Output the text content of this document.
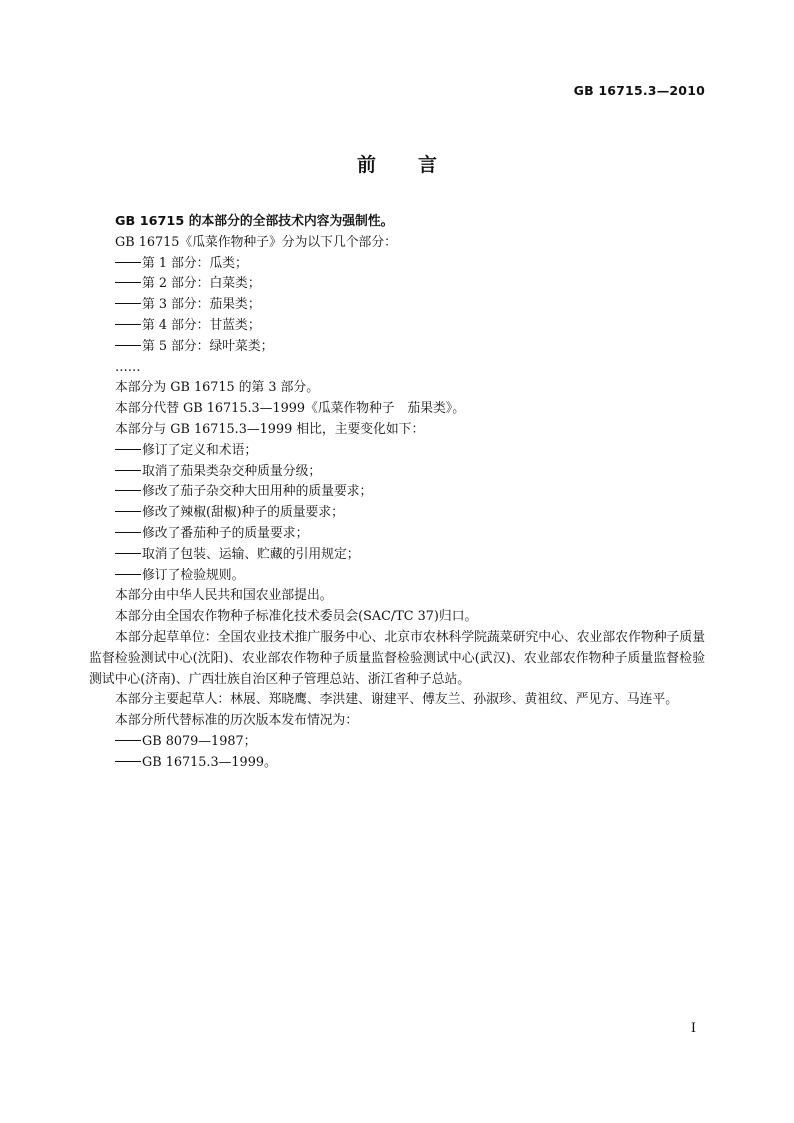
GB 16715.3—2010
前 言

GB 16715 的本部分的全部技术内容为强制性。

GB 16715《瓜菜作物种子》分为以下几个部分：

第 1 部分：瓜类；

第 2 部分：白菜类；

第 3 部分：茄果类；

第 4 部分：甘蓝类；

第 5 部分：绿叶菜类；

……

本部分为 GB 16715 的第 3 部分。

本部分代替 GB 16715.3—1999《瓜菜作物种子　茄果类》。

本部分与 GB 16715.3—1999 相比，主要变化如下：

修订了定义和术语；

取消了茄果类杂交种质量分级；

修改了茄子杂交种大田用种的质量要求；

修改了辣椒(甜椒)种子的质量要求；

修改了番茄种子的质量要求；

取消了包装、运输、贮藏的引用规定；

修订了检验规则。

本部分由中华人民共和国农业部提出。

本部分由全国农作物种子标准化技术委员会(SAC/TC 37)归口。

本部分起草单位：全国农业技术推广服务中心、北京市农林科学院蔬菜研究中心、农业部农作物种子质量监督检验测试中心(沈阳)、农业部农作物种子质量监督检验测试中心(武汉)、农业部农作物种子质量监督检验测试中心(济南)、广西壮族自治区种子管理总站、浙江省种子总站。

本部分主要起草人：林展、郑晓鹰、李洪建、谢建平、傅友兰、孙淑珍、黄祖纹、严见方、马连平。

本部分所代替标准的历次版本发布情况为：

GB 8079—1987；

GB 16715.3—1999。

I
